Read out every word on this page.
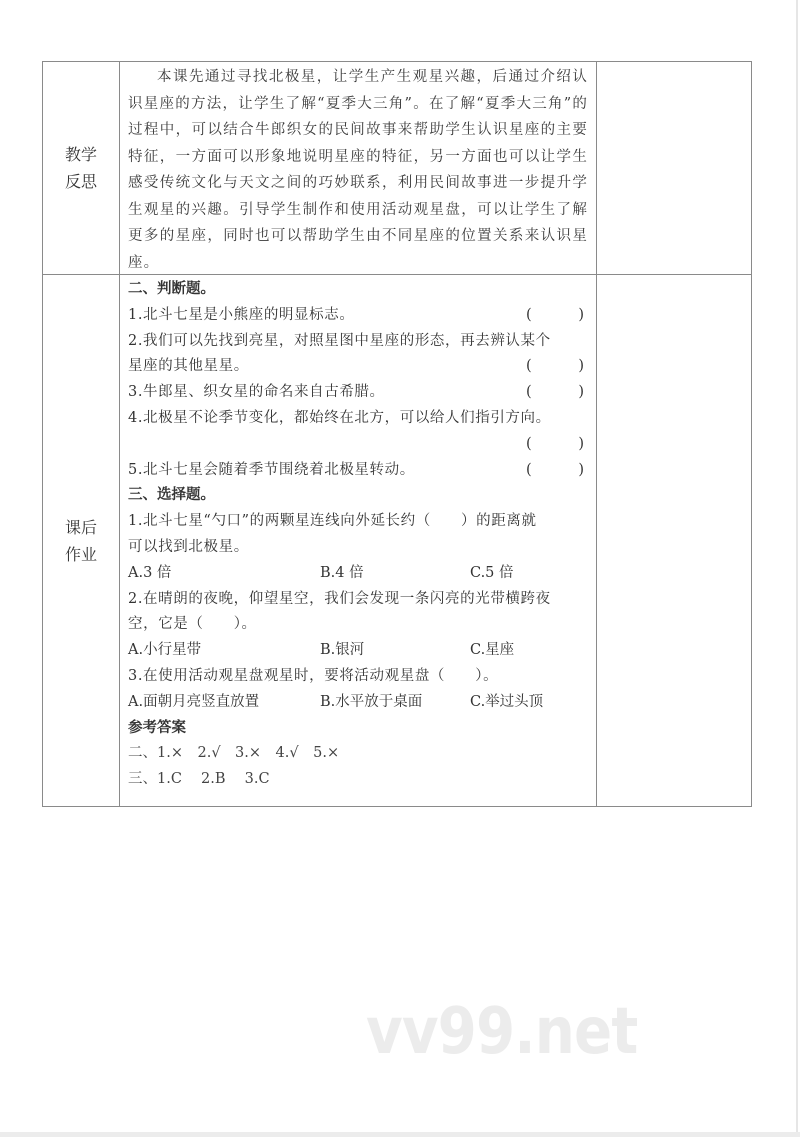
教学
反思	本课先通过寻找北极星，让学生产生观星兴趣，后通过介绍认识星座的方法，让学生了解“夏季大三角”。在了解“夏季大三角”的过程中，可以结合牛郎织女的民间故事来帮助学生认识星座的主要特征，一方面可以形象地说明星座的特征，另一方面也可以让学生感受传统文化与天文之间的巧妙联系，利用民间故事进一步提升学生观星的兴趣。引导学生制作和使用活动观星盘，可以让学生了解更多的星座，同时也可以帮助学生由不同星座的位置关系来认识星座。	

课后
作业

二、判断题。
1.北斗七星是小熊座的明显标志。	(	)
2.我们可以先找到亮星，对照星图中星座的形态，再去辨认某个
星座的其他星星。	(	)
3.牛郎星、织女星的命名来自古希腊。	(	)
4.北极星不论季节变化，都始终在北方，可以给人们指引方向。
(	)
5.北斗七星会随着季节围绕着北极星转动。	(	)
三、选择题。
1.北斗七星“勺口”的两颗星连线向外延长约（　　）的距离就
可以找到北极星。
A.3 倍	B.4 倍	C.5 倍
2.在晴朗的夜晚，仰望星空，我们会发现一条闪亮的光带横跨夜
空，它是（　　）。
A.小行星带	B.银河	C.星座
3.在使用活动观星盘观星时，要将活动观星盘（　　）。
A.面朝月亮竖直放置	B.水平放于桌面	C.举过头顶
参考答案
二、1.×　2.√　3.×　4.√　5.×
三、1.C　 2.B　 3.C

vv99.net
